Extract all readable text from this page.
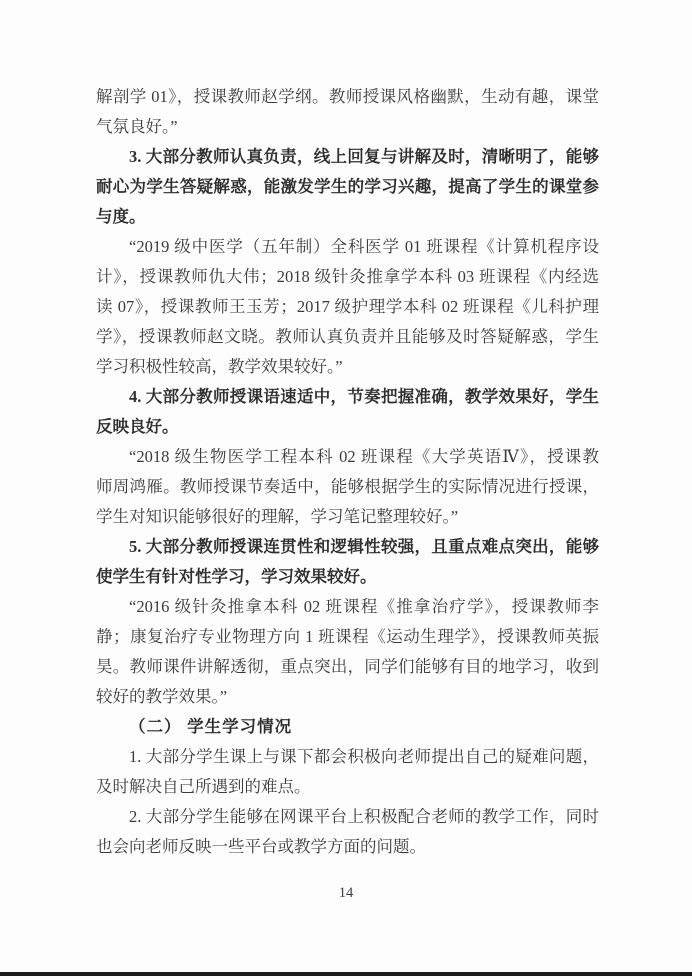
解剖学 01》，授课教师赵学纲。教师授课风格幽默，生动有趣，课堂
气氛良好。”
3. 大部分教师认真负责，线上回复与讲解及时，清晰明了，能够
耐心为学生答疑解惑，能激发学生的学习兴趣，提高了学生的课堂参
与度。
“2019 级中医学（五年制）全科医学 01 班课程《计算机程序设
计》，授课教师仇大伟；2018 级针灸推拿学本科 03 班课程《内经选
读 07》，授课教师王玉芳；2017 级护理学本科 02 班课程《儿科护理
学》，授课教师赵文晓。教师认真负责并且能够及时答疑解惑，学生
学习积极性较高，教学效果较好。”
4. 大部分教师授课语速适中，节奏把握准确，教学效果好，学生
反映良好。
“2018 级生物医学工程本科 02 班课程《大学英语Ⅳ》，授课教
师周鸿雁。教师授课节奏适中，能够根据学生的实际情况进行授课，
学生对知识能够很好的理解，学习笔记整理较好。”
5. 大部分教师授课连贯性和逻辑性较强，且重点难点突出，能够
使学生有针对性学习，学习效果较好。
“2016 级针灸推拿本科 02 班课程《推拿治疗学》，授课教师李
静；康复治疗专业物理方向 1 班课程《运动生理学》，授课教师英振
昊。教师课件讲解透彻，重点突出，同学们能够有目的地学习，收到
较好的教学效果。”
（二） 学生学习情况
1. 大部分学生课上与课下都会积极向老师提出自己的疑难问题，
及时解决自己所遇到的难点。
2. 大部分学生能够在网课平台上积极配合老师的教学工作，同时
也会向老师反映一些平台或教学方面的问题。
14
